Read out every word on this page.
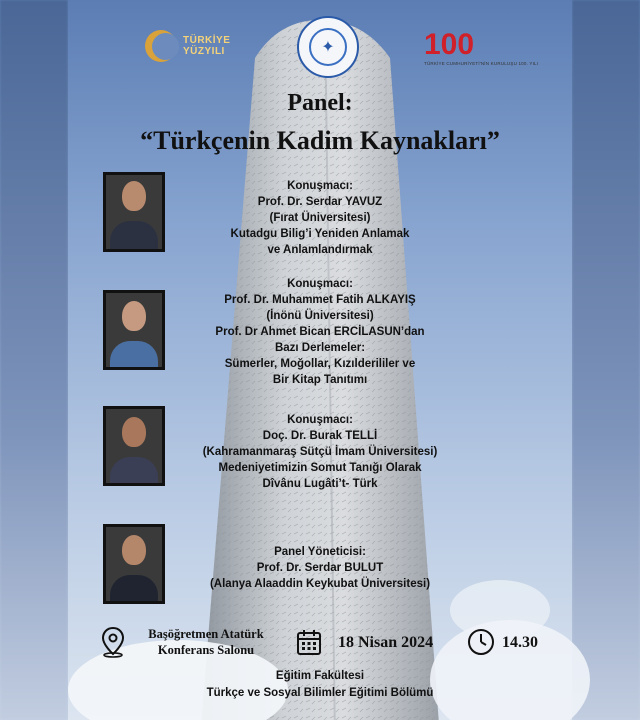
TÜRKİYE
YÜZYILI	✦	100
TÜRKİYE CUMHURİYETİ'NİN KURULUŞU 100. YILI
Panel:
“Türkçenin Kadim Kaynakları”
Konuşmacı:
Prof. Dr. Serdar YAVUZ
(Fırat Üniversitesi)
Kutadgu Bilig’i Yeniden Anlamak
ve Anlamlandırmak
Konuşmacı:
Prof. Dr. Muhammet Fatih ALKAYIŞ
(İnönü Üniversitesi)
Prof. Dr Ahmet Bican ERCİLASUN’dan
Bazı Derlemeler:
Sümerler, Moğollar, Kızılderililer ve
Bir Kitap Tanıtımı
Konuşmacı:
Doç. Dr. Burak TELLİ
(Kahramanmaraş Sütçü İmam Üniversitesi)
Medeniyetimizin Somut Tanığı Olarak
Dîvânu Lugâti’t- Türk
Panel Yöneticisi:
Prof. Dr. Serdar BULUT
(Alanya Alaaddin Keykubat Üniversitesi)
Başöğretmen Atatürk
Konferans Salonu	18 Nisan 2024	14.30
Eğitim Fakültesi
Türkçe ve Sosyal Bilimler Eğitimi Bölümü
